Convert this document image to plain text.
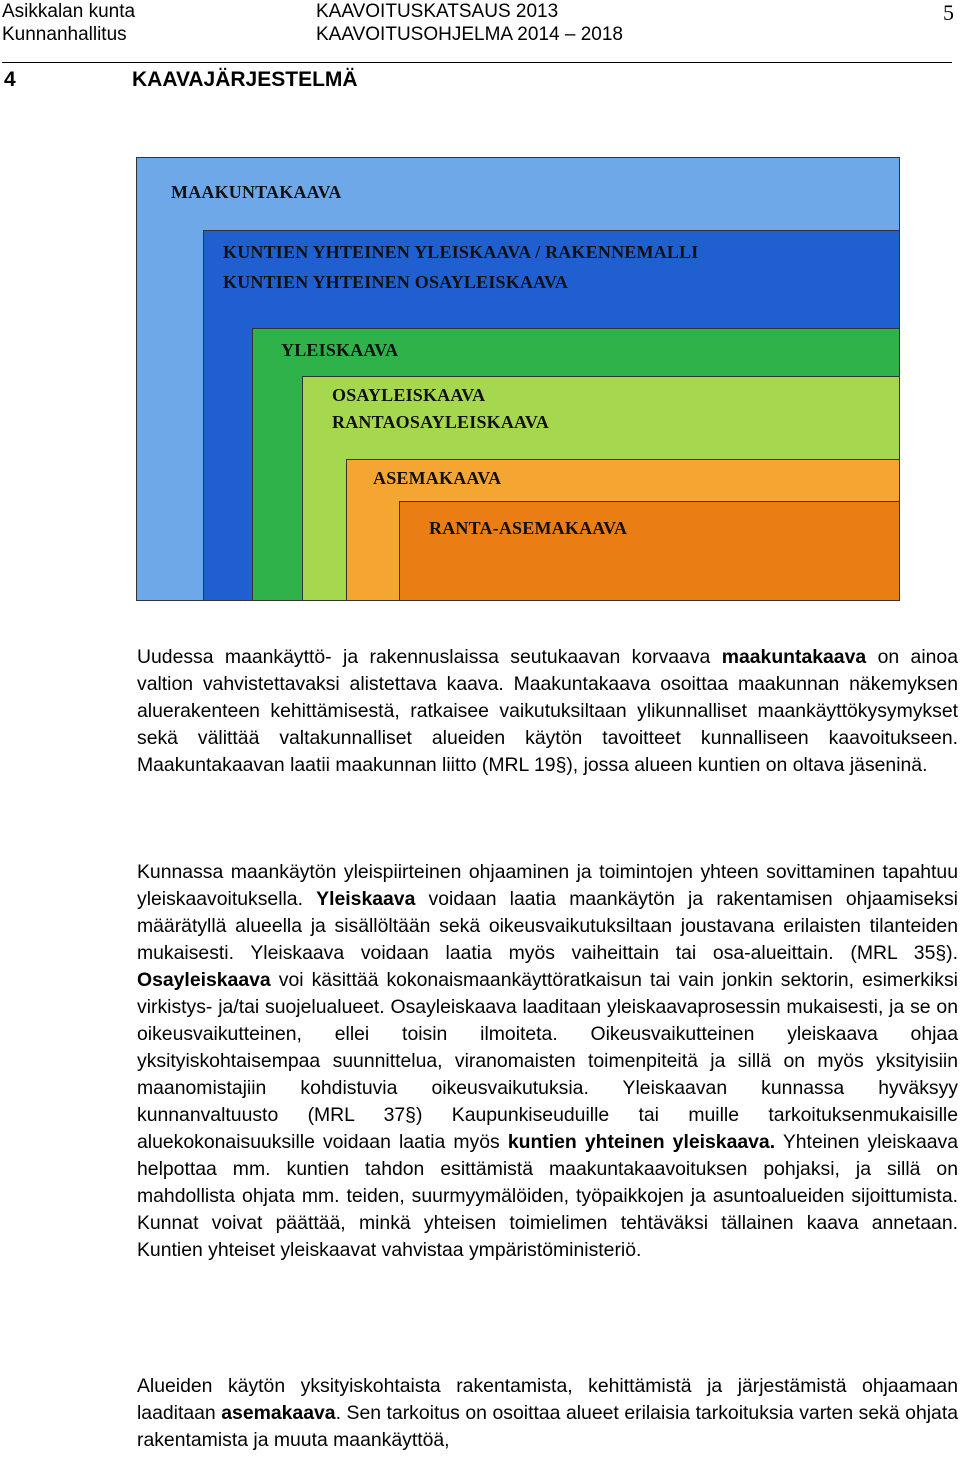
Asikkalan kunta
Kunnanhallitus
KAAVOITUSKATSAUS 2013
KAAVOITUSOHJELMA 2014 – 2018
5
4	KAAVAJÄRJESTELMÄ
MAAKUNTAKAAVA
KUNTIEN YHTEINEN YLEISKAAVA / RAKENNEMALLI
KUNTIEN YHTEINEN OSAYLEISKAAVA
YLEISKAAVA
OSAYLEISKAAVA
RANTAOSAYLEISKAAVA
ASEMAKAAVA
RANTA-ASEMAKAAVA

Uudessa maankäyttö- ja rakennuslaissa seutukaavan korvaava maakuntakaava on ainoa valtion vahvistettavaksi alistettava kaava. Maakuntakaava osoittaa maakunnan näkemyksen aluerakenteen kehittämisestä, ratkaisee vaikutuksiltaan ylikunnalliset maankäyttökysymykset sekä välittää valtakunnalliset alueiden käytön tavoitteet kunnalliseen kaavoitukseen. Maakuntakaavan laatii maakunnan liitto (MRL 19§), jossa alueen kuntien on oltava jäseninä.

Kunnassa maankäytön yleispiirteinen ohjaaminen ja toimintojen yhteen sovittaminen tapahtuu yleiskaavoituksella. Yleiskaava voidaan laatia maankäytön ja rakentamisen ohjaamiseksi määrätyllä alueella ja sisällöltään sekä oikeusvaikutuksiltaan joustavana erilaisten tilanteiden mukaisesti. Yleiskaava voidaan laatia myös vaiheittain tai osa-alueittain. (MRL 35§). Osayleiskaava voi käsittää kokonaismaankäyttöratkaisun tai vain jonkin sektorin, esimerkiksi virkistys- ja/tai suojelualueet. Osayleiskaava laaditaan yleiskaavaprosessin mukaisesti, ja se on oikeusvaikutteinen, ellei toisin ilmoiteta. Oikeusvaikutteinen yleiskaava ohjaa yksityiskohtaisempaa suunnittelua, viranomaisten toimenpiteitä ja sillä on myös yksityisiin maanomistajiin kohdistuvia oikeusvaikutuksia. Yleiskaavan kunnassa hyväksyy kunnanvaltuusto (MRL 37§) Kaupunkiseuduille tai muille tarkoituksenmukaisille aluekokonaisuuksille voidaan laatia myös kuntien yhteinen yleiskaava. Yhteinen yleiskaava helpottaa mm. kuntien tahdon esittämistä maakuntakaavoituksen pohjaksi, ja sillä on mahdollista ohjata mm. teiden, suurmyymälöiden, työpaikkojen ja asuntoalueiden sijoittumista. Kunnat voivat päättää, minkä yhteisen toimielimen tehtäväksi tällainen kaava annetaan. Kuntien yhteiset yleiskaavat vahvistaa ympäristöministeriö.

Alueiden käytön yksityiskohtaista rakentamista, kehittämistä ja järjestämistä ohjaamaan laaditaan asemakaava. Sen tarkoitus on osoittaa alueet erilaisia tarkoituksia varten sekä ohjata rakentamista ja muuta maankäyttöä,
